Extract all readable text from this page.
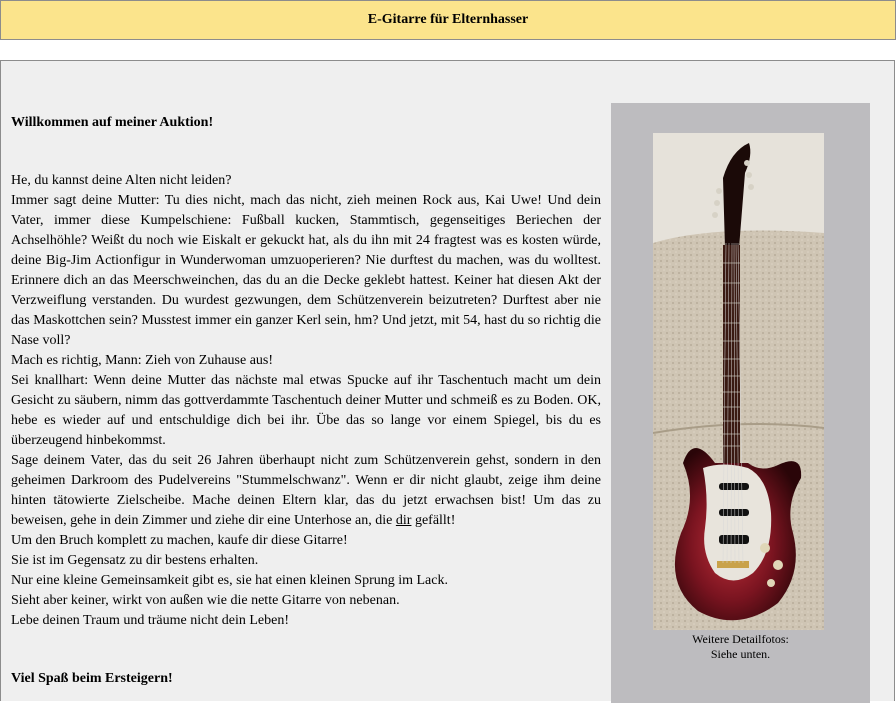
E-Gitarre für Elternhasser

Willkommen auf meiner Auktion!

He, du kannst deine Alten nicht leiden?

Immer sagt deine Mutter: Tu dies nicht, mach das nicht, zieh meinen Rock aus, Kai Uwe! Und dein Vater, immer diese Kumpelschiene: Fußball kucken, Stammtisch, gegenseitiges Beriechen der Achselhöhle? Weißt du noch wie Eiskalt er gekuckt hat, als du ihn mit 24 fragtest was es kosten würde, deine Big-Jim Actionfigur in Wunderwoman umzuoperieren? Nie durftest du machen, was du wolltest. Erinnere dich an das Meerschweinchen, das du an die Decke geklebt hattest. Keiner hat diesen Akt der Verzweiflung verstanden. Du wurdest gezwungen, dem Schützenverein beizutreten? Durftest aber nie das Maskottchen sein? Musstest immer ein ganzer Kerl sein, hm? Und jetzt, mit 54, hast du so richtig die Nase voll?

Mach es richtig, Mann: Zieh von Zuhause aus!

Sei knallhart: Wenn deine Mutter das nächste mal etwas Spucke auf ihr Taschentuch macht um dein Gesicht zu säubern, nimm das gottverdammte Taschentuch deiner Mutter und schmeiß es zu Boden. OK, hebe es wieder auf und entschuldige dich bei ihr. Übe das so lange vor einem Spiegel, bis du es überzeugend hinbekommst.

Sage deinem Vater, das du seit 26 Jahren überhaupt nicht zum Schützenverein gehst, sondern in den geheimen Darkroom des Pudelvereins "Stummelschwanz". Wenn er dir nicht glaubt, zeige ihm deine hinten tätowierte Zielscheibe. Mache deinen Eltern klar, das du jetzt erwachsen bist! Um das zu beweisen, gehe in dein Zimmer und ziehe dir eine Unterhose an, die dir gefällt!

Um den Bruch komplett zu machen, kaufe dir diese Gitarre!

Sie ist im Gegensatz zu dir bestens erhalten.

Nur eine kleine Gemeinsamkeit gibt es, sie hat einen kleinen Sprung im Lack.

Sieht aber keiner, wirkt von außen wie die nette Gitarre von nebenan.

Lebe deinen Traum und träume nicht dein Leben!

Viel Spaß beim Ersteigern!

Weitere Detailfotos:
Siehe unten.
